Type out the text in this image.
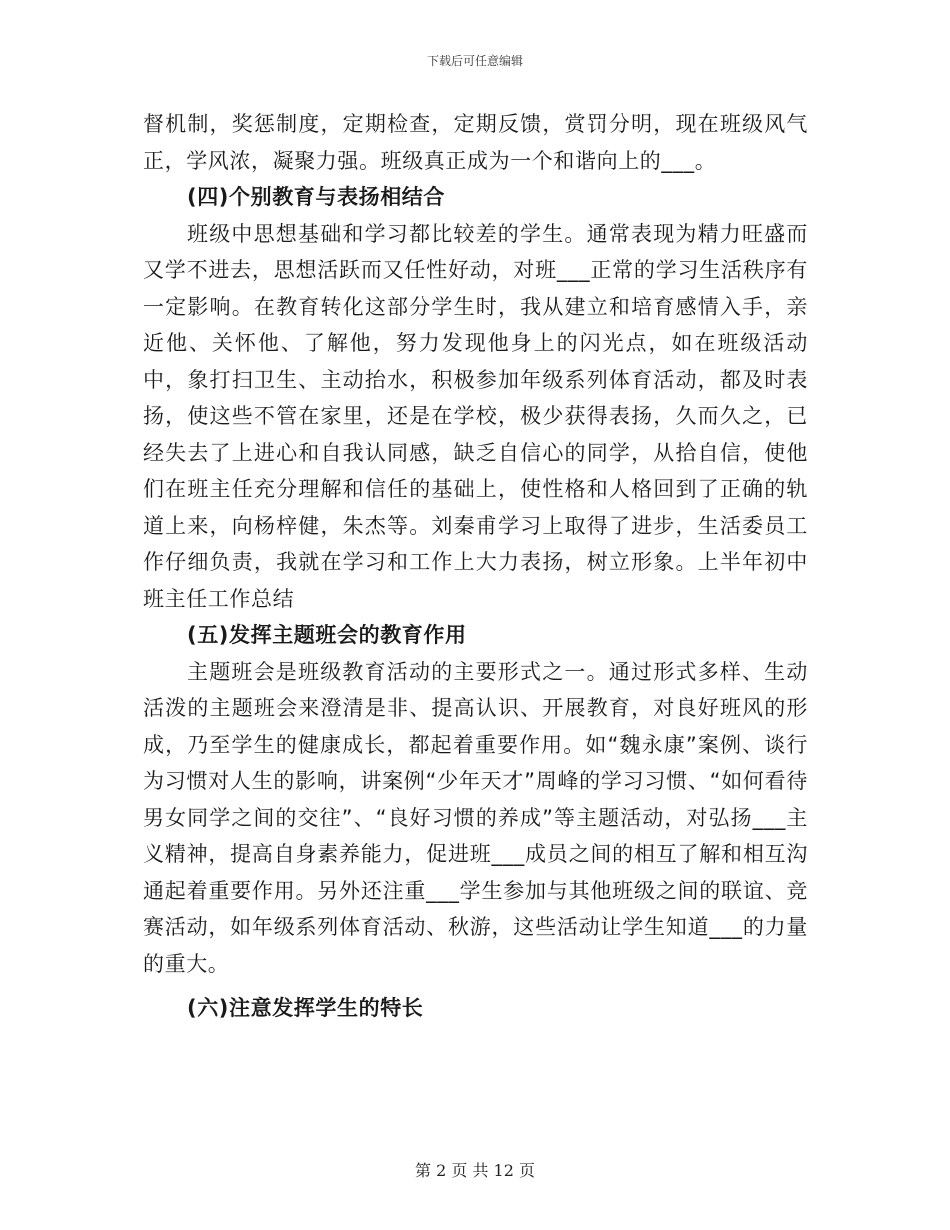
下载后可任意编辑

督机制，奖惩制度，定期检查，定期反馈，赏罚分明，现在班级风气正，学风浓，凝聚力强。班级真正成为一个和谐向上的___。

(四)个别教育与表扬相结合

班级中思想基础和学习都比较差的学生。通常表现为精力旺盛而又学不进去，思想活跃而又任性好动，对班___正常的学习生活秩序有一定影响。在教育转化这部分学生时，我从建立和培育感情入手，亲近他、关怀他、了解他，努力发现他身上的闪光点，如在班级活动中，象打扫卫生、主动抬水，积极参加年级系列体育活动，都及时表扬，使这些不管在家里，还是在学校，极少获得表扬，久而久之，已经失去了上进心和自我认同感，缺乏自信心的同学，从拾自信，使他们在班主任充分理解和信任的基础上，使性格和人格回到了正确的轨道上来，向杨梓健，朱杰等。刘秦甫学习上取得了进步，生活委员工作仔细负责，我就在学习和工作上大力表扬，树立形象。上半年初中班主任工作总结

(五)发挥主题班会的教育作用

主题班会是班级教育活动的主要形式之一。通过形式多样、生动活泼的主题班会来澄清是非、提高认识、开展教育，对良好班风的形成，乃至学生的健康成长，都起着重要作用。如“魏永康”案例、谈行为习惯对人生的影响，讲案例“少年天才”周峰的学习习惯、“如何看待男女同学之间的交往”、“良好习惯的养成”等主题活动，对弘扬___主义精神，提高自身素养能力，促进班___成员之间的相互了解和相互沟通起着重要作用。另外还注重___学生参加与其他班级之间的联谊、竞赛活动，如年级系列体育活动、秋游，这些活动让学生知道___的力量的重大。

(六)注意发挥学生的特长

第 2 页 共 12 页
